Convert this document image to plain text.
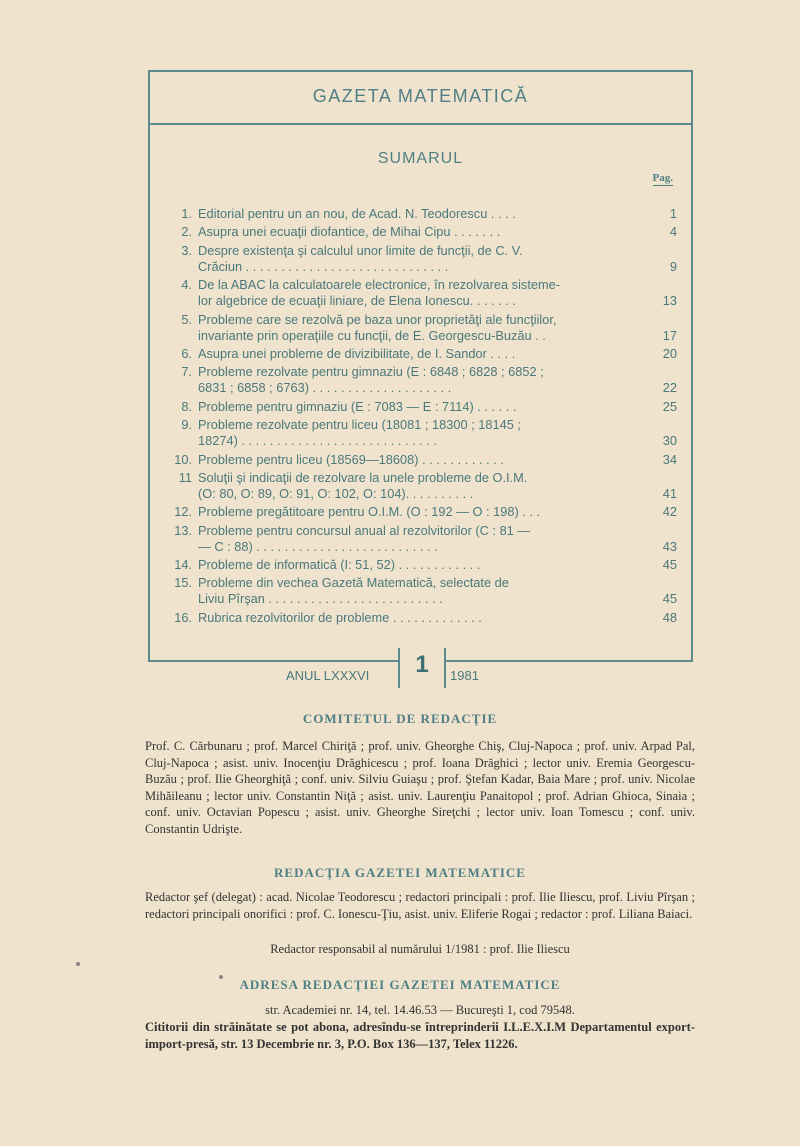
GAZETA MATEMATICĂ
SUMARUL
Pag.
1. Editorial pentru un an nou, de Acad. N. Teodorescu . . . .	1
2. Asupra unei ecuaţii diofantice, de Mihai Cipu . . . . . . .	4
3. Despre existenţa şi calculul unor limite de funcţii, de C. V.
Crăciun . . . . . . . . . . . . . . . . . . . . . . . . . . . . .	9
4. De la ABAC la calculatoarele electronice, în rezolvarea sisteme-
lor algebrice de ecuaţii liniare, de Elena Ionescu. . . . . . .	13
5. Probleme care se rezolvă pe baza unor proprietăţi ale funcţiilor,
invariante prin operaţiile cu funcţii, de E. Georgescu-Buzău . .	17
6. Asupra unei probleme de divizibilitate, de I. Sandor . . . .	20
7. Probleme rezolvate pentru gimnaziu (E : 6848 ; 6828 ; 6852 ;
6831 ; 6858 ; 6763) . . . . . . . . . . . . . . . . . . . .	22
8. Probleme pentru gimnaziu (E : 7083 — E : 7114) . . . . . .	25
9. Probleme rezolvate pentru liceu (18081 ; 18300 ; 18145 ;
18274) . . . . . . . . . . . . . . . . . . . . . . . . . . . .	30
10. Probleme pentru liceu (18569—18608) . . . . . . . . . . . .	34
11 Soluţii şi indicaţii de rezolvare la unele probleme de O.I.M.
(O: 80, O: 89, O: 91, O: 102, O: 104). . . . . . . . . .	41
12. Probleme pregătitoare pentru O.I.M. (O : 192 — O : 198) . . .	42
13. Probleme pentru concursul anual al rezolvitorilor (C : 81 —
— C : 88) . . . . . . . . . . . . . . . . . . . . . . . . . .	43
14. Probleme de informatică (I: 51, 52) . . . . . . . . . . . .	45
15. Probleme din vechea Gazetă Matematică, selectate de
Liviu Pîrşan . . . . . . . . . . . . . . . . . . . . . . . . .	45
16. Rubrica rezolvitorilor de probleme . . . . . . . . . . . . .	48
ANUL LXXXVI	1	1981
COMITETUL DE REDACŢIE
Prof. C. Cărbunaru ; prof. Marcel Chiriţă ; prof. univ. Gheorghe Chiş, Cluj-Napoca ; prof. univ. Arpad Pal, Cluj-Napoca ; asist. univ. Inocenţiu Drăghicescu ; prof. Ioana Drăghici ; lector univ. Eremia Georgescu-Buzău ; prof. Ilie Gheorghiţă ; conf. univ. Silviu Guiaşu ; prof. Ştefan Kadar, Baia Mare ; prof. univ. Nicolae Mihăileanu ; lector univ. Constantin Niţă ; asist. univ. Laurenţiu Panaitopol ; prof. Adrian Ghioca, Sinaia ; conf. univ. Octavian Popescu ; asist. univ. Gheorghe Sireţchi ; lector univ. Ioan Tomescu ; conf. univ. Constantin Udrişte.
REDACŢIA GAZETEI MATEMATICE
Redactor şef (delegat) : acad. Nicolae Teodorescu ; redactori principali : prof. Ilie Iliescu, prof. Liviu Pîrşan ; redactori principali onorifici : prof. C. Ionescu-Ţiu, asist. univ. Eliferie Rogai ; redactor : prof. Liliana Baiaci.
Redactor responsabil al numărului 1/1981 : prof. Ilie Iliescu
ADRESA REDACŢIEI GAZETEI MATEMATICE
str. Academiei nr. 14, tel. 14.46.53 — Bucureşti 1, cod 79548.
Cititorii din străinătate se pot abona, adresîndu-se întreprinderii I.L.E.X.I.M Departamentul export-import-presă, str. 13 Decembrie nr. 3, P.O. Box 136—137, Telex 11226.
